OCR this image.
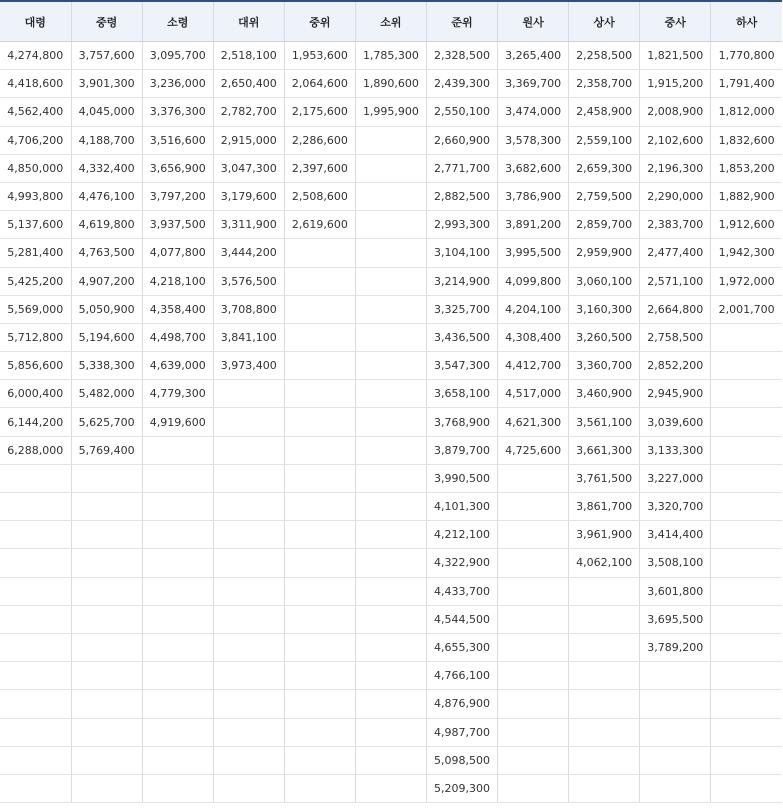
대령	중령	소령	대위	중위	소위	준위	원사	상사	중사	하사
4,274,800	3,757,600	3,095,700	2,518,100	1,953,600	1,785,300	2,328,500	3,265,400	2,258,500	1,821,500	1,770,800
4,418,600	3,901,300	3,236,000	2,650,400	2,064,600	1,890,600	2,439,300	3,369,700	2,358,700	1,915,200	1,791,400
4,562,400	4,045,000	3,376,300	2,782,700	2,175,600	1,995,900	2,550,100	3,474,000	2,458,900	2,008,900	1,812,000
4,706,200	4,188,700	3,516,600	2,915,000	2,286,600		2,660,900	3,578,300	2,559,100	2,102,600	1,832,600
4,850,000	4,332,400	3,656,900	3,047,300	2,397,600		2,771,700	3,682,600	2,659,300	2,196,300	1,853,200
4,993,800	4,476,100	3,797,200	3,179,600	2,508,600		2,882,500	3,786,900	2,759,500	2,290,000	1,882,900
5,137,600	4,619,800	3,937,500	3,311,900	2,619,600		2,993,300	3,891,200	2,859,700	2,383,700	1,912,600
5,281,400	4,763,500	4,077,800	3,444,200			3,104,100	3,995,500	2,959,900	2,477,400	1,942,300
5,425,200	4,907,200	4,218,100	3,576,500			3,214,900	4,099,800	3,060,100	2,571,100	1,972,000
5,569,000	5,050,900	4,358,400	3,708,800			3,325,700	4,204,100	3,160,300	2,664,800	2,001,700
5,712,800	5,194,600	4,498,700	3,841,100			3,436,500	4,308,400	3,260,500	2,758,500	
5,856,600	5,338,300	4,639,000	3,973,400			3,547,300	4,412,700	3,360,700	2,852,200	
6,000,400	5,482,000	4,779,300				3,658,100	4,517,000	3,460,900	2,945,900	
6,144,200	5,625,700	4,919,600				3,768,900	4,621,300	3,561,100	3,039,600	
6,288,000	5,769,400					3,879,700	4,725,600	3,661,300	3,133,300	
						3,990,500		3,761,500	3,227,000	
						4,101,300		3,861,700	3,320,700	
						4,212,100		3,961,900	3,414,400	
						4,322,900		4,062,100	3,508,100	
						4,433,700			3,601,800	
						4,544,500			3,695,500	
						4,655,300			3,789,200	
						4,766,100				
						4,876,900				
						4,987,700				
						5,098,500				
						5,209,300				
